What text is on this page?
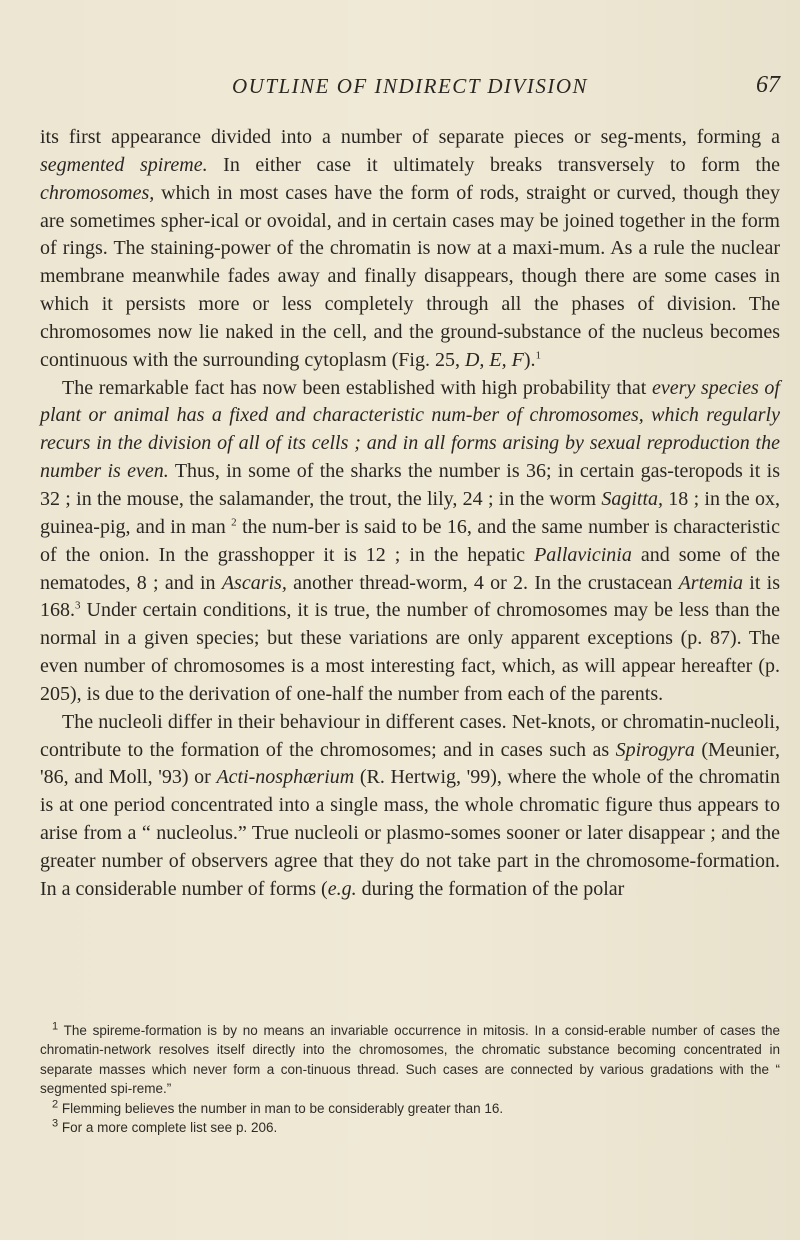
OUTLINE OF INDIRECT DIVISION	67

its first appearance divided into a number of separate pieces or seg-ments, forming a segmented spireme. In either case it ultimately breaks transversely to form the chromosomes, which in most cases have the form of rods, straight or curved, though they are sometimes spher-ical or ovoidal, and in certain cases may be joined together in the form of rings. The staining-power of the chromatin is now at a maxi-mum. As a rule the nuclear membrane meanwhile fades away and finally disappears, though there are some cases in which it persists more or less completely through all the phases of division. The chromosomes now lie naked in the cell, and the ground-substance of the nucleus becomes continuous with the surrounding cytoplasm (Fig. 25, D, E, F).$^1$

The remarkable fact has now been established with high probability that every species of plant or animal has a fixed and characteristic num-ber of chromosomes, which regularly recurs in the division of all of its cells ; and in all forms arising by sexual reproduction the number is even. Thus, in some of the sharks the number is 36; in certain gas-teropods it is 32 ; in the mouse, the salamander, the trout, the lily, 24 ; in the worm Sagitta, 18 ; in the ox, guinea-pig, and in man $^2$ the num-ber is said to be 16, and the same number is characteristic of the onion. In the grasshopper it is 12 ; in the hepatic Pallavicinia and some of the nematodes, 8 ; and in Ascaris, another thread-worm, 4 or 2. In the crustacean Artemia it is 168.$^3$ Under certain conditions, it is true, the number of chromosomes may be less than the normal in a given species; but these variations are only apparent exceptions (p. 87). The even number of chromosomes is a most interesting fact, which, as will appear hereafter (p. 205), is due to the derivation of one-half the number from each of the parents.

The nucleoli differ in their behaviour in different cases. Net-knots, or chromatin-nucleoli, contribute to the formation of the chromosomes; and in cases such as Spirogyra (Meunier, '86, and Moll, '93) or Acti-nosphærium (R. Hertwig, '99), where the whole of the chromatin is at one period concentrated into a single mass, the whole chromatic figure thus appears to arise from a “ nucleolus.” True nucleoli or plasmo-somes sooner or later disappear ; and the greater number of observers agree that they do not take part in the chromosome-formation. In a considerable number of forms (e.g. during the formation of the polar

$^1$ The spireme-formation is by no means an invariable occurrence in mitosis. In a consid-erable number of cases the chromatin-network resolves itself directly into the chromosomes, the chromatic substance becoming concentrated in separate masses which never form a con-tinuous thread. Such cases are connected by various gradations with the “ segmented spi-reme.”

$^2$ Flemming believes the number in man to be considerably greater than 16.

$^3$ For a more complete list see p. 206.
